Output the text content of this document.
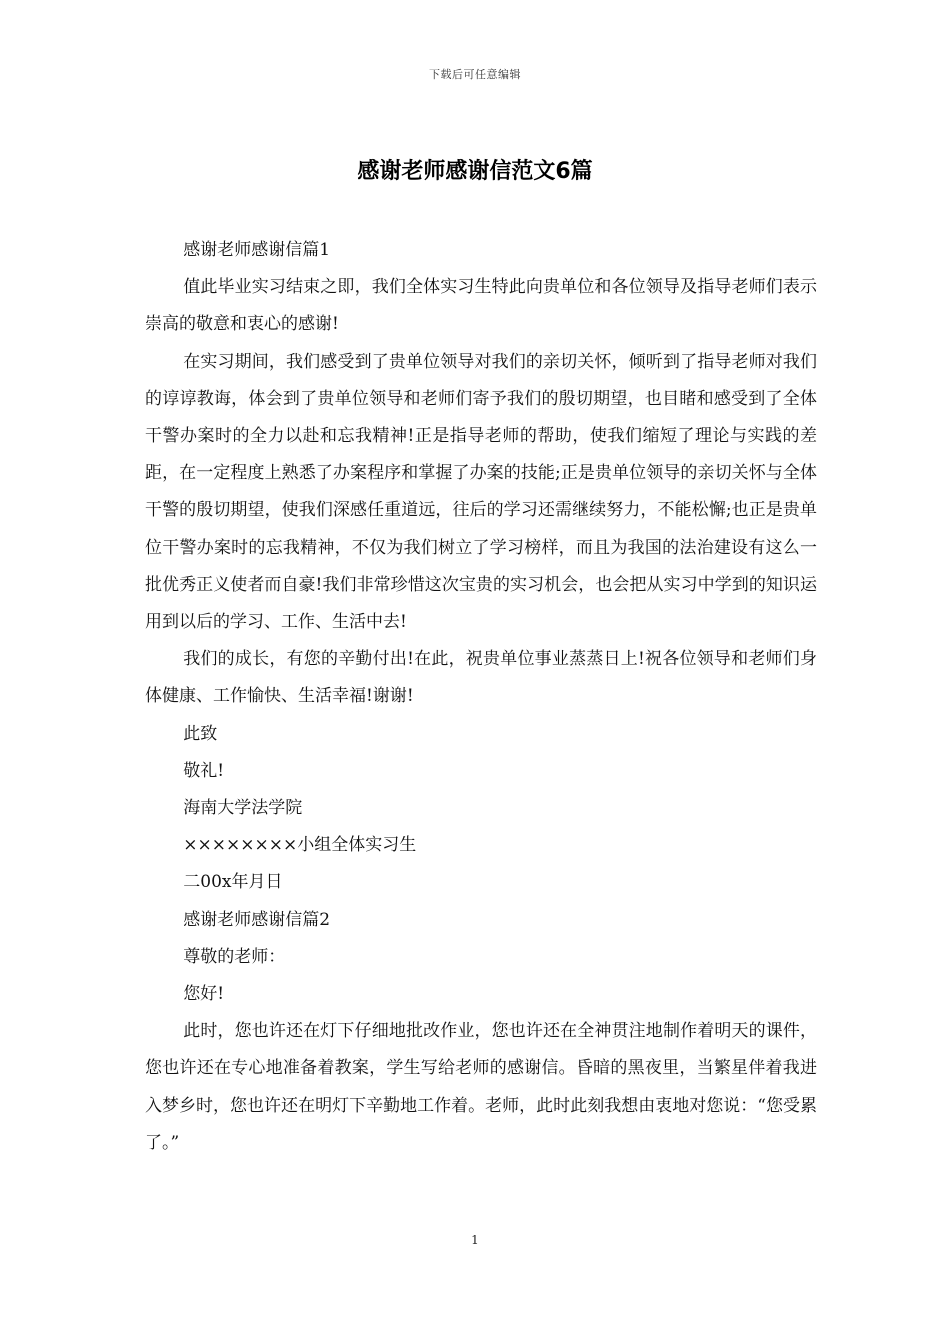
下载后可任意编辑
感谢老师感谢信范文6篇

感谢老师感谢信篇1

值此毕业实习结束之即，我们全体实习生特此向贵单位和各位领导及指导老师们表示崇高的敬意和衷心的感谢!

在实习期间，我们感受到了贵单位领导对我们的亲切关怀，倾听到了指导老师对我们的谆谆教诲，体会到了贵单位领导和老师们寄予我们的殷切期望，也目睹和感受到了全体干警办案时的全力以赴和忘我精神!正是指导老师的帮助，使我们缩短了理论与实践的差距，在一定程度上熟悉了办案程序和掌握了办案的技能;正是贵单位领导的亲切关怀与全体干警的殷切期望，使我们深感任重道远，往后的学习还需继续努力，不能松懈;也正是贵单位干警办案时的忘我精神，不仅为我们树立了学习榜样，而且为我国的法治建设有这么一批优秀正义使者而自豪!我们非常珍惜这次宝贵的实习机会，也会把从实习中学到的知识运用到以后的学习、工作、生活中去!

我们的成长，有您的辛勤付出!在此，祝贵单位事业蒸蒸日上!祝各位领导和老师们身体健康、工作愉快、生活幸福!谢谢!

此致

敬礼!

海南大学法学院

××××××××小组全体实习生

二00x年月日

感谢老师感谢信篇2

尊敬的老师：

您好!

此时，您也许还在灯下仔细地批改作业，您也许还在全神贯注地制作着明天的课件，您也许还在专心地准备着教案，学生写给老师的感谢信。昏暗的黑夜里，当繁星伴着我进入梦乡时，您也许还在明灯下辛勤地工作着。老师，此时此刻我想由衷地对您说：“您受累了。”

1
